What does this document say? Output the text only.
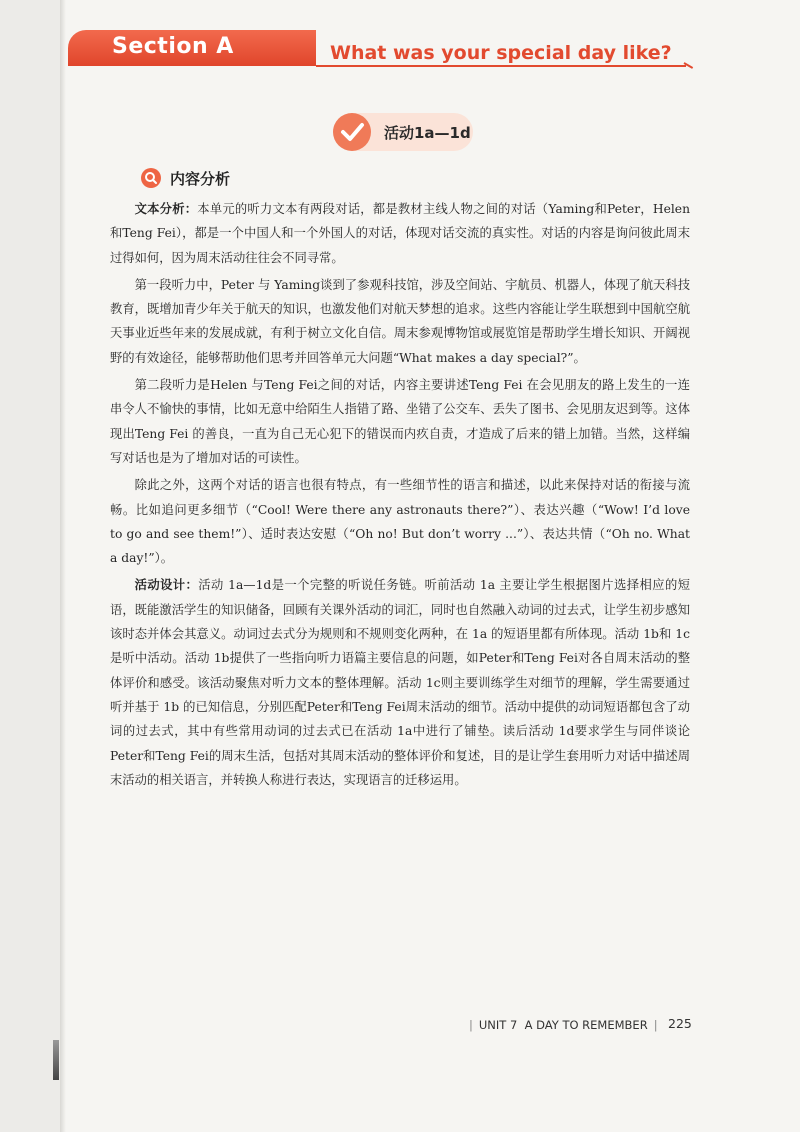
Section A	What was your special day like?
活动1a—1d
内容分析

文本分析：本单元的听力文本有两段对话，都是教材主线人物之间的对话（Yaming和Peter，Helen和Teng Fei），都是一个中国人和一个外国人的对话，体现对话交流的真实性。对话的内容是询问彼此周末过得如何，因为周末活动往往会不同寻常。

第一段听力中，Peter 与 Yaming谈到了参观科技馆，涉及空间站、宇航员、机器人，体现了航天科技教育，既增加青少年关于航天的知识，也激发他们对航天梦想的追求。这些内容能让学生联想到中国航空航天事业近些年来的发展成就，有利于树立文化自信。周末参观博物馆或展览馆是帮助学生增长知识、开阔视野的有效途径，能够帮助他们思考并回答单元大问题“What makes a day special?”。

第二段听力是Helen 与Teng Fei之间的对话，内容主要讲述Teng Fei 在会见朋友的路上发生的一连串令人不愉快的事情，比如无意中给陌生人指错了路、坐错了公交车、丢失了图书、会见朋友迟到等。这体现出Teng Fei 的善良，一直为自己无心犯下的错误而内疚自责，才造成了后来的错上加错。当然，这样编写对话也是为了增加对话的可读性。

除此之外，这两个对话的语言也很有特点，有一些细节性的语言和描述，以此来保持对话的衔接与流畅。比如追问更多细节（“Cool! Were there any astronauts there?”）、表达兴趣（“Wow! I’d love to go and see them!”）、适时表达安慰（“Oh no! But don’t worry ...”）、表达共情（“Oh no. What a day!”）。

活动设计：活动 1a—1d是一个完整的听说任务链。听前活动 1a 主要让学生根据图片选择相应的短语，既能激活学生的知识储备，回顾有关课外活动的词汇，同时也自然融入动词的过去式，让学生初步感知该时态并体会其意义。动词过去式分为规则和不规则变化两种，在 1a 的短语里都有所体现。活动 1b和 1c是听中活动。活动 1b提供了一些指向听力语篇主要信息的问题，如Peter和Teng Fei对各自周末活动的整体评价和感受。该活动聚焦对听力文本的整体理解。活动 1c则主要训练学生对细节的理解，学生需要通过听并基于 1b 的已知信息，分别匹配Peter和Teng Fei周末活动的细节。活动中提供的动词短语都包含了动词的过去式，其中有些常用动词的过去式已在活动 1a中进行了铺垫。读后活动 1d要求学生与同伴谈论Peter和Teng Fei的周末生活，包括对其周末活动的整体评价和复述，目的是让学生套用听力对话中描述周末活动的相关语言，并转换人称进行表达，实现语言的迁移运用。

| UNIT 7 A DAY TO REMEMBER | 225
